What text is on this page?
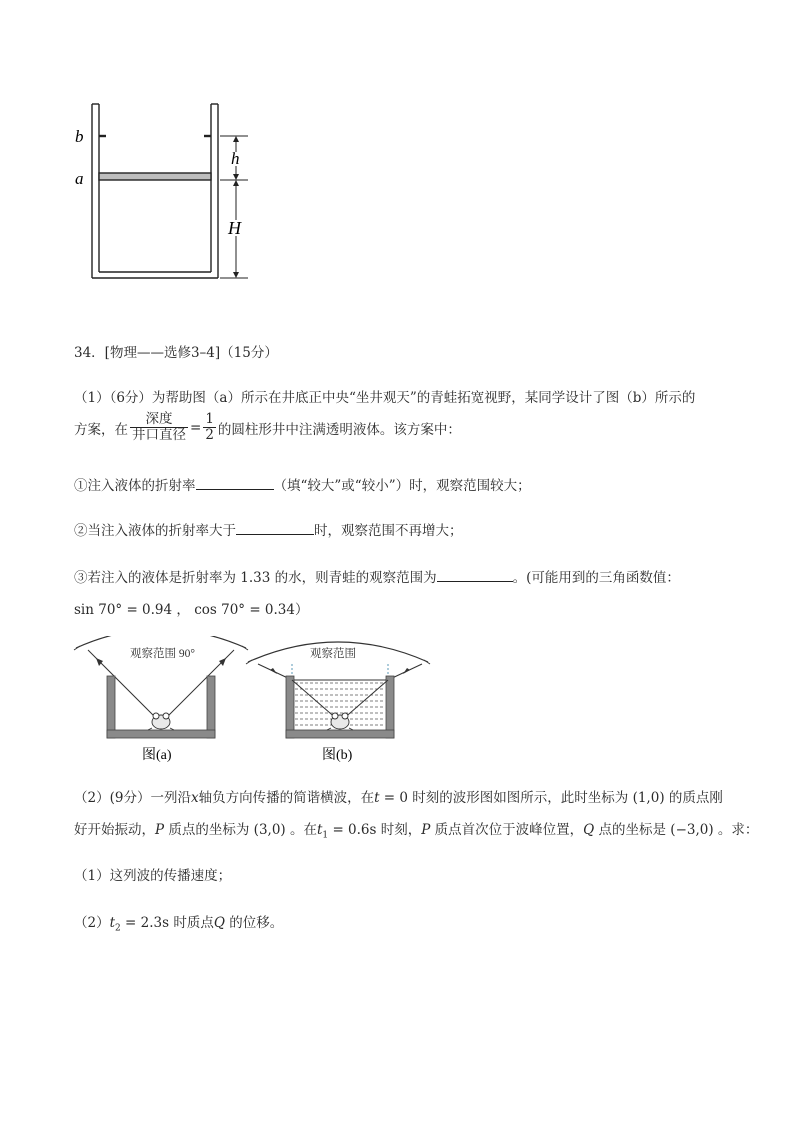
b
a
h
H
34．[物理——选修3–4]（15分）
（1）（6分）为帮助图（a）所示在井底正中央“坐井观天”的青蛙拓宽视野，某同学设计了图（b）所示的
方案，在 $\frac{\text{深度}}{\text{井口直径}} = \frac{1}{2}$ 的圆柱形井中注满透明液体。该方案中：
①注入液体的折射率	（填“较大”或“较小”）时，观察范围较大；
②当注入液体的折射率大于	时，观察范围不再增大；
③若注入的液体是折射率为 1.33 的水，则青蛙的观察范围为	。(可能用到的三角函数值：
sin 70° = 0.94 ， cos 70° = 0.34）
观察范围 90°
图(a)
观察范围
图(b)
（2）(9分）一列沿x轴负方向传播的简谐横波，在t = 0 时刻的波形图如图所示，此时坐标为 (1,0) 的质点刚
好开始振动，P 质点的坐标为 (3,0) 。在$t_1 = 0.6s$ 时刻，P 质点首次位于波峰位置，Q 点的坐标是 (−3,0) 。求：
（1）这列波的传播速度；
$(2)t_2 = 2.3s$ 时质点Q 的位移。
